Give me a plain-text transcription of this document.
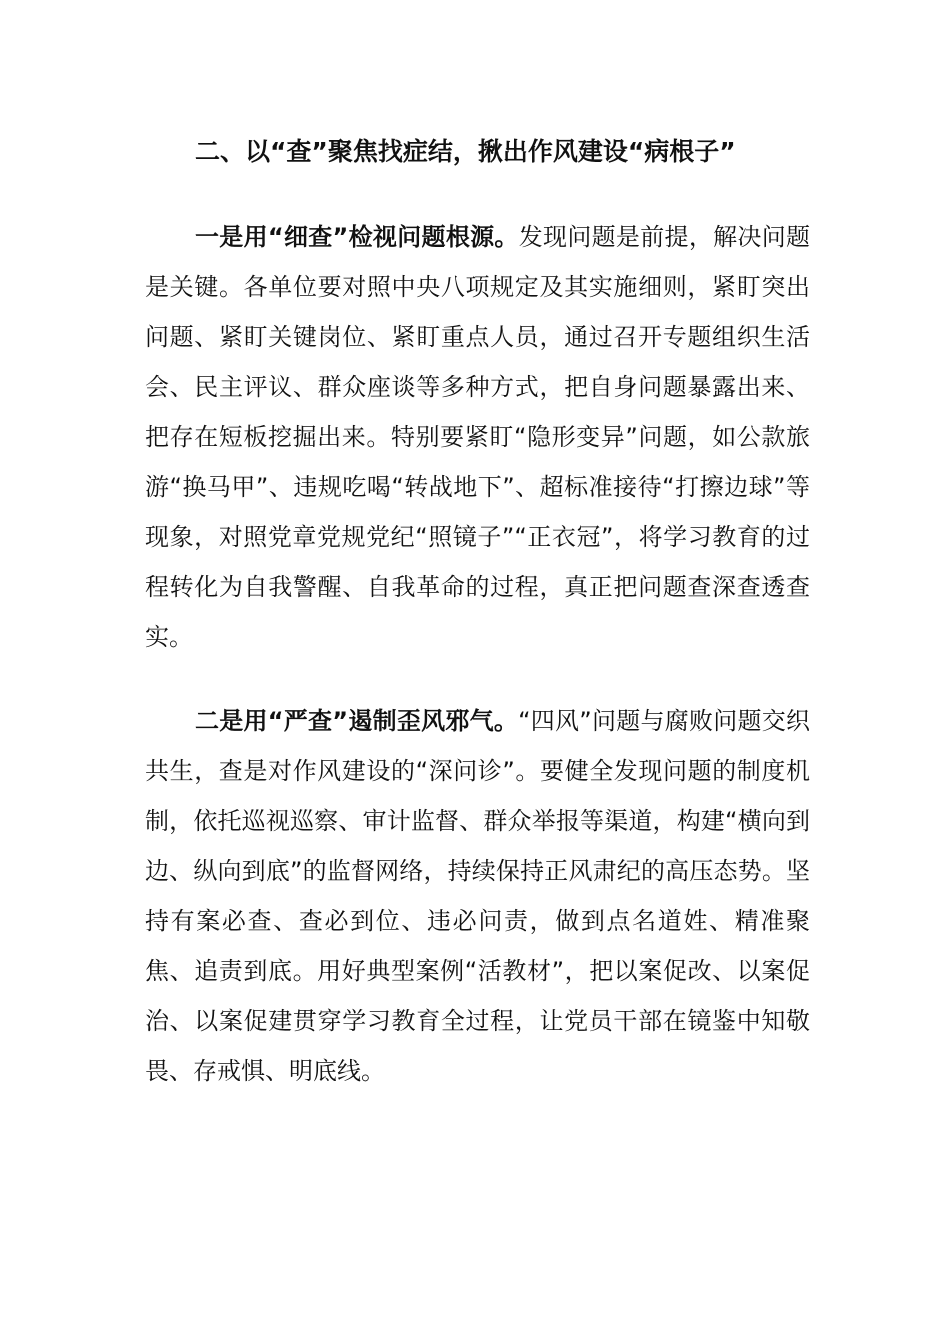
二、以“查”聚焦找症结，揪出作风建设“病根子”

一是用“细查”检视问题根源。发现问题是前提，解决问题是关键。各单位要对照中央八项规定及其实施细则，紧盯突出问题、紧盯关键岗位、紧盯重点人员，通过召开专题组织生活会、民主评议、群众座谈等多种方式，把自身问题暴露出来、把存在短板挖掘出来。特别要紧盯“隐形变异”问题，如公款旅游“换马甲”、违规吃喝“转战地下”、超标准接待“打擦边球”等现象，对照党章党规党纪“照镜子”“正衣冠”，将学习教育的过程转化为自我警醒、自我革命的过程，真正把问题查深查透查实。

二是用“严查”遏制歪风邪气。“四风”问题与腐败问题交织共生，查是对作风建设的“深问诊”。要健全发现问题的制度机制，依托巡视巡察、审计监督、群众举报等渠道，构建“横向到边、纵向到底”的监督网络，持续保持正风肃纪的高压态势。坚持有案必查、查必到位、违必问责，做到点名道姓、精准聚焦、追责到底。用好典型案例“活教材”，把以案促改、以案促治、以案促建贯穿学习教育全过程，让党员干部在镜鉴中知敬畏、存戒惧、明底线。
